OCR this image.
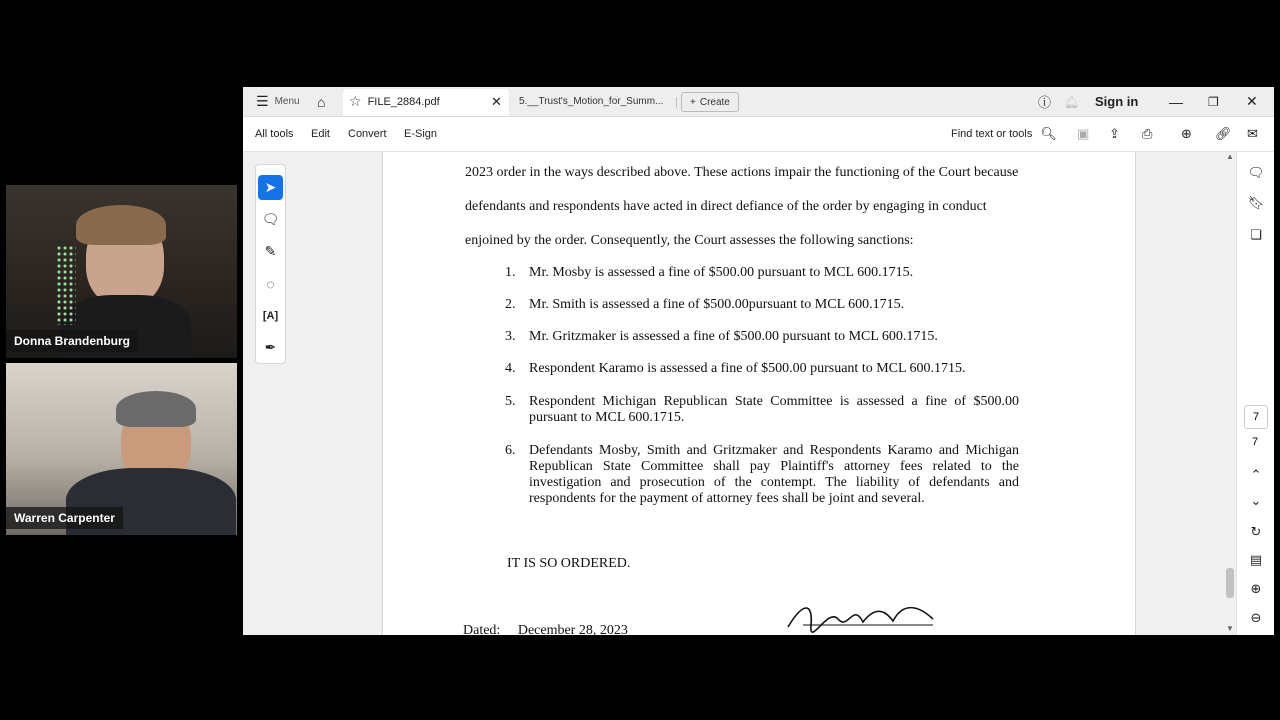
Donna Brandenburg
Warren Carpenter
☰ Menu ⌂ ☆ FILE_2884.pdf	✕ 5.__Trust's_Motion_for_Summ... | + Create	ⓘ 🔔︎ Sign in — ❐ ✕
All tools Edit Convert E-Sign	Find text or tools 🔍︎ ▣ ⇪ ⎙ ⊕ 🔗︎ ✉
➤
🗨︎
✎
◌
[A]
✒
2023 order in the ways described above. These actions impair the functioning of the Court because
defendants and respondents have acted in direct defiance of the order by engaging in conduct
enjoined by the order. Consequently, the Court assesses the following sanctions:
1. Mr. Mosby is assessed a fine of $500.00 pursuant to MCL 600.1715.
2. Mr. Smith is assessed a fine of $500.00pursuant to MCL 600.1715.
3. Mr. Gritzmaker is assessed a fine of $500.00 pursuant to MCL 600.1715.
4. Respondent Karamo is assessed a fine of $500.00 pursuant to MCL 600.1715.
5. Respondent Michigan Republican State Committee is assessed a fine of $500.00 pursuant to MCL 600.1715.
6. Defendants Mosby, Smith and Gritzmaker and Respondents Karamo and Michigan Republican State Committee shall pay Plaintiff's attorney fees related to the investigation and prosecution of the contempt. The liability of defendants and respondents for the payment of attorney fees shall be joint and several.
IT IS SO ORDERED.
Dated: December 28, 2023
▲
▼
🗨︎
🔖︎
❏
7
7
⌃
⌄
↻
▤
⊕
⊖
